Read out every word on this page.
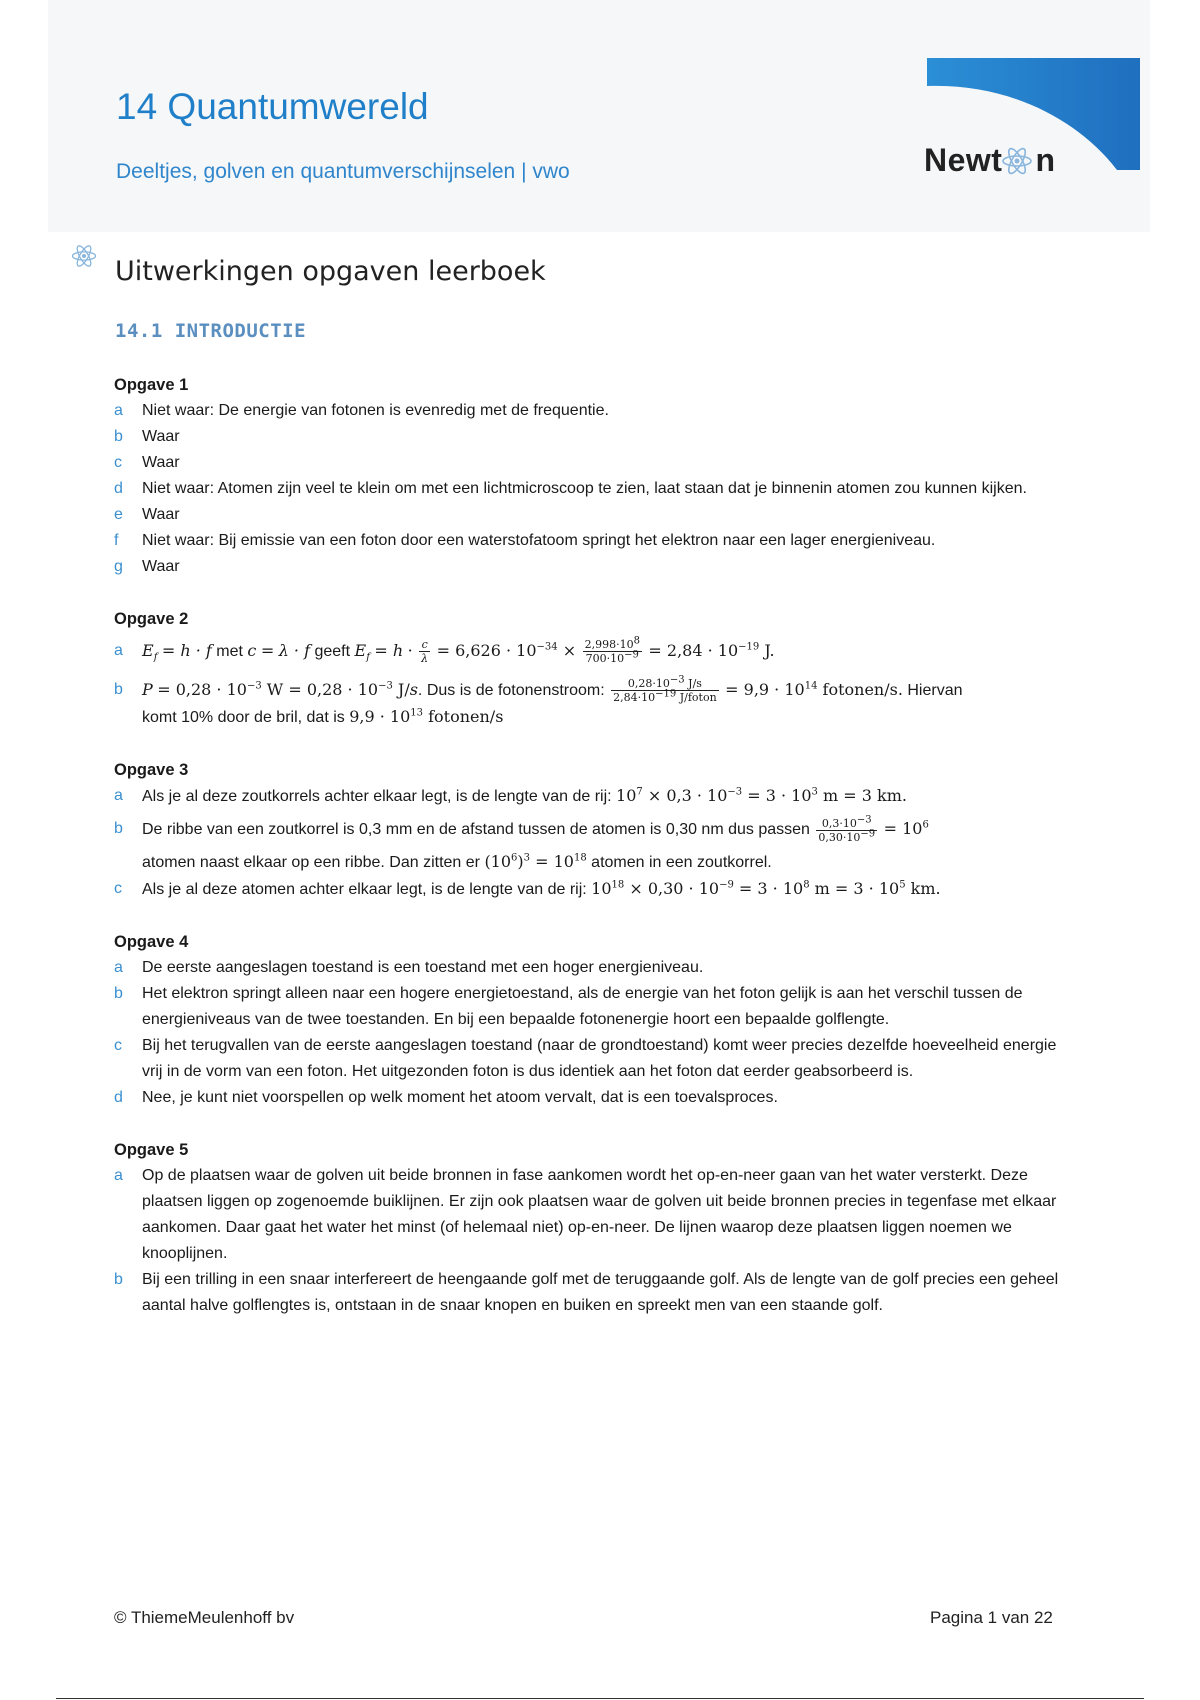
14 Quantumwereld

Deeltjes, golven en quantumverschijnselen | vwo	Newt n
Uitwerkingen opgaven leerboek
14.1 INTRODUCTIE

Opgave 1

a	Niet waar: De energie van fotonen is evenredig met de frequentie.
b	Waar
c	Waar
d	Niet waar: Atomen zijn veel te klein om met een lichtmicroscoop te zien, laat staan dat je binnenin atomen zou kunnen kijken.
e	Waar
f	Niet waar: Bij emissie van een foton door een waterstofatoom springt het elektron naar een lager energieniveau.
g	Waar

Opgave 2

a	$E_f = h \cdot f$ met c = λ · f geeft $E_f = h \cdot \frac{c}{\lambda} = 6,626 \cdot 10^{-34} \times \frac{2,998\cdot 10^8}{700\cdot 10^{-9}} = 2,84 \cdot 10^{-19}$ J.
b	$P = 0,28 \cdot 10^{-3}$ $W = 0,28 \cdot 10^{-3}$ J/s. Dus is de fotonenstroom: $\frac{0,28\cdot 10^{-3} J/s}{2,84\cdot 10^{-19} J/foton} = 9,9 \cdot 10^{14}$ fotonen/s. Hiervan
komt 10% door de bril, dat is $9,9 \cdot 10^{13}$ fotonen/s

Opgave 3

a	Als je al deze zoutkorrels achter elkaar legt, is de lengte van de rij: $10^7 \times 0,3 \cdot 10^{-3} = 3 \cdot 10^3$ m = 3 km.
b	De ribbe van een zoutkorrel is 0,3 mm en de afstand tussen de atomen is 0,30 nm dus passen $\frac{0,3\cdot 10^{-3}}{0,30\cdot 10^{-9}} = 10^6$
atomen naast elkaar op een ribbe. Dan zitten er $(10^6)^3 = 10^{18}$ atomen in een zoutkorrel.
c	Als je al deze atomen achter elkaar legt, is de lengte van de rij: $10^{18} \times 0,30 \cdot 10^{-9} = 3 \cdot 10^8$ $m = 3 \cdot 10^5$ km.

Opgave 4

a	De eerste aangeslagen toestand is een toestand met een hoger energieniveau.
b	Het elektron springt alleen naar een hogere energietoestand, als de energie van het foton gelijk is aan het verschil tussen de energieniveaus van de twee toestanden. En bij een bepaalde fotonenergie hoort een bepaalde golflengte.
c	Bij het terugvallen van de eerste aangeslagen toestand (naar de grondtoestand) komt weer precies dezelfde hoeveelheid energie vrij in de vorm van een foton. Het uitgezonden foton is dus identiek aan het foton dat eerder geabsorbeerd is.
d	Nee, je kunt niet voorspellen op welk moment het atoom vervalt, dat is een toevalsproces.

Opgave 5

a	Op de plaatsen waar de golven uit beide bronnen in fase aankomen wordt het op-en-neer gaan van het water versterkt. Deze plaatsen liggen op zogenoemde buiklijnen. Er zijn ook plaatsen waar de golven uit beide bronnen precies in tegenfase met elkaar aankomen. Daar gaat het water het minst (of helemaal niet) op-en-neer. De lijnen waarop deze plaatsen liggen noemen we knooplijnen.
b	Bij een trilling in een snaar interfereert de heengaande golf met de teruggaande golf. Als de lengte van de golf precies een geheel aantal halve golflengtes is, ontstaan in de snaar knopen en buiken en spreekt men van een staande golf.
© ThiemeMeulenhoff bv	Pagina 1 van 22
